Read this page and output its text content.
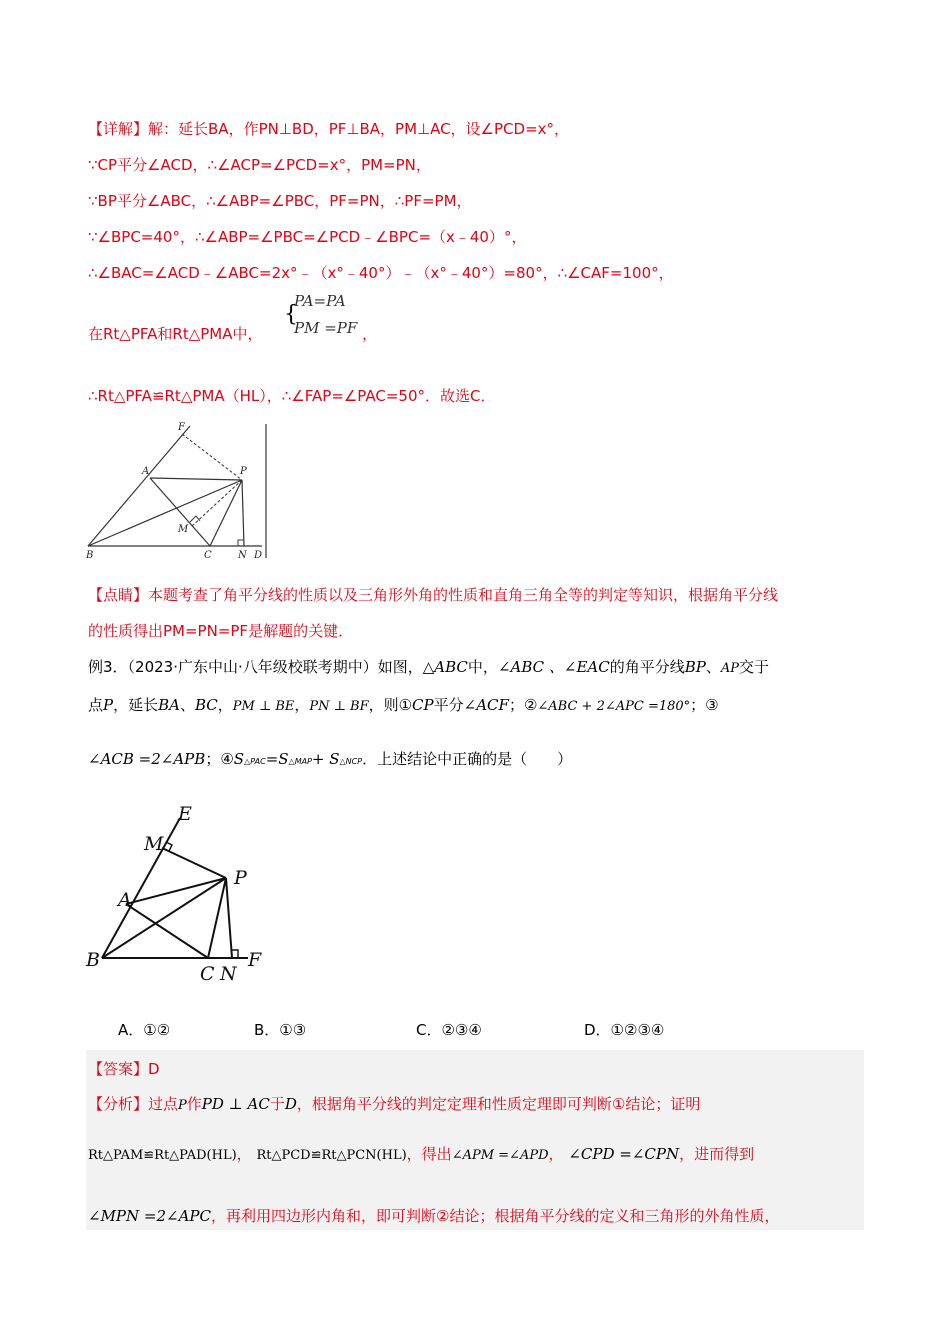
【详解】解：延长BA，作PN⊥BD，PF⊥BA，PM⊥AC，设∠PCD=x°，
∵CP平分∠ACD，∴∠ACP=∠PCD=x°，PM=PN，
∵BP平分∠ABC，∴∠ABP=∠PBC，PF=PN，∴PF=PM，
∵∠BPC=40°，∴∠ABP=∠PBC=∠PCD﹣∠BPC=（x﹣40）°，
∴∠BAC=∠ACD﹣∠ABC=2x°﹣（x°﹣40°）﹣（x°﹣40°）=80°，∴∠CAF=100°，
在Rt△PFA和Rt△PMA中，
{
PA=PA
PM =PF ，
∴Rt△PFA≌Rt△PMA（HL），∴∠FAP=∠PAC=50°．故选C．
F
A	P
M
B	C	N D
【点睛】本题考查了角平分线的性质以及三角形外角的性质和直角三角全等的判定等知识，根据角平分线
的性质得出PM=PN=PF是解题的关键．
例3．（2023·广东中山·八年级校联考期中）如图，△ABC中，∠ABC 、∠EAC的角平分线BP、AP交于
点P，延长BA、BC，PM ⊥ BE，PN ⊥ BF，则①CP平分∠ACF；②∠ABC + 2∠APC =180°；③
∠ACB =2∠APB；④S△PAC=S△MAP+ S△NCP．上述结论中正确的是（　　）
E
M
P
A
B
C N
F
A．①②	B．①③	C．②③④	D．①②③④
【答案】D
【分析】过点P作PD ⊥ AC于D，根据角平分线的判定定理和性质定理即可判断①结论；证明
Rt△PAM≌Rt△PAD(HL)， Rt△PCD≌Rt△PCN(HL)，得出∠APM =∠APD， ∠CPD =∠CPN，进而得到
∠MPN =2∠APC，再利用四边形内角和，即可判断②结论；根据角平分线的定义和三角形的外角性质，
